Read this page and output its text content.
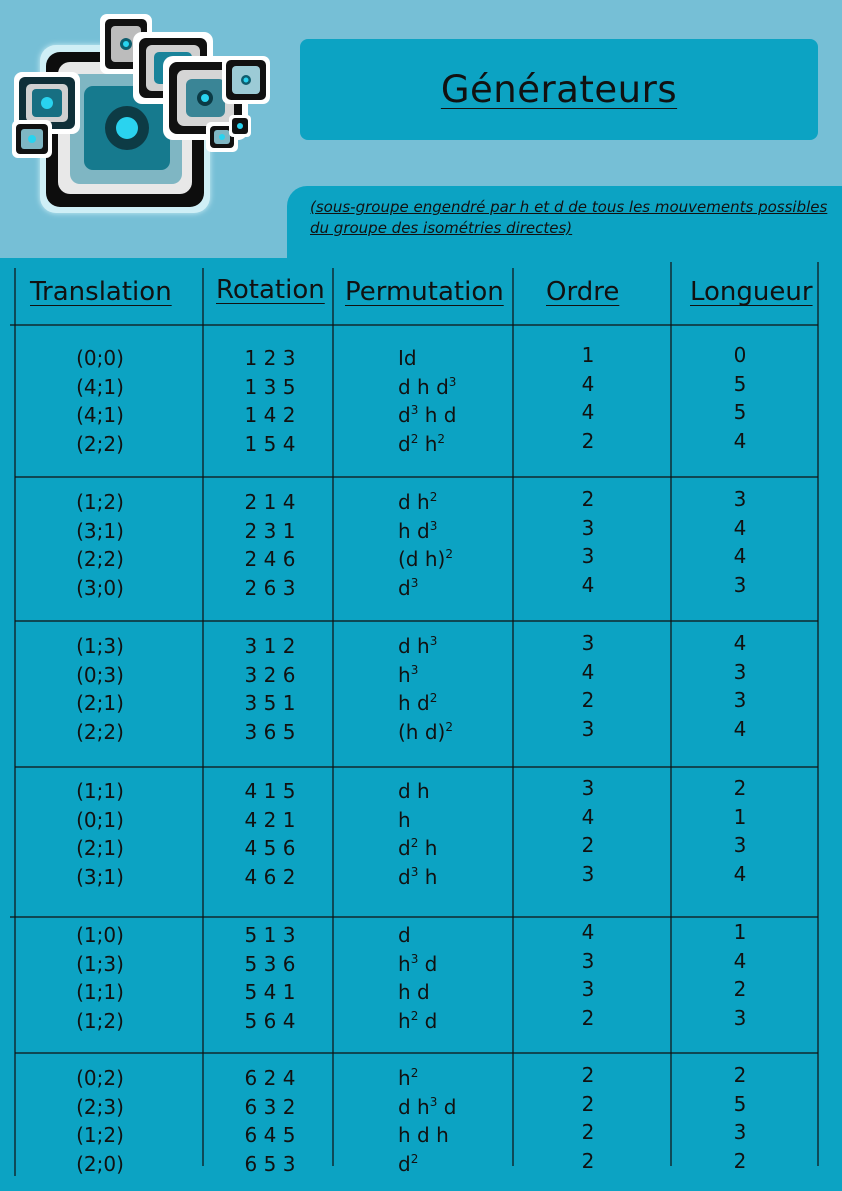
Générateurs
(sous-groupe engendré par h et d de tous les mouvements possibles du groupe des isométries directes)
Translation Rotation Permutation Ordre	Longueur
(0;0)
(4;1)
(4;1)
(2;2)
1 2 3
1 3 5
1 4 2
1 5 4
Id
d h $d^3$
$d^3$ h d
$d^2$ $h^2$
1
4
4
2
0
5
5
4
(1;2)
(3;1)
(2;2)
(3;0)
2 1 4
2 3 1
2 4 6
2 6 3
d $h^2$
h $d^3$
(d h)$^2$
$d^3$
2
3
3
4
3
4
4
3
(1;3)
(0;3)
(2;1)
(2;2)
3 1 2
3 2 6
3 5 1
3 6 5
d $h^3$
$h^3$
h $d^2$
(h d)$^2$
3
4
2
3
4
3
3
4
(1;1)
(0;1)
(2;1)
(3;1)
4 1 5
4 2 1
4 5 6
4 6 2
d h
h
$d^2$ h
$d^3$ h
3
4
2
3
2
1
3
4
(1;0)
(1;3)
(1;1)
(1;2)
5 1 3
5 3 6
5 4 1
5 6 4
d
$h^3$ d
h d
$h^2$ d
4
3
3
2
1
4
2
3
(0;2)
(2;3)
(1;2)
(2;0)
6 2 4
6 3 2
6 4 5
6 5 3
$h^2$
d $h^3$ d
h d h
$d^2$
2
2
2
2
2
5
3
2
